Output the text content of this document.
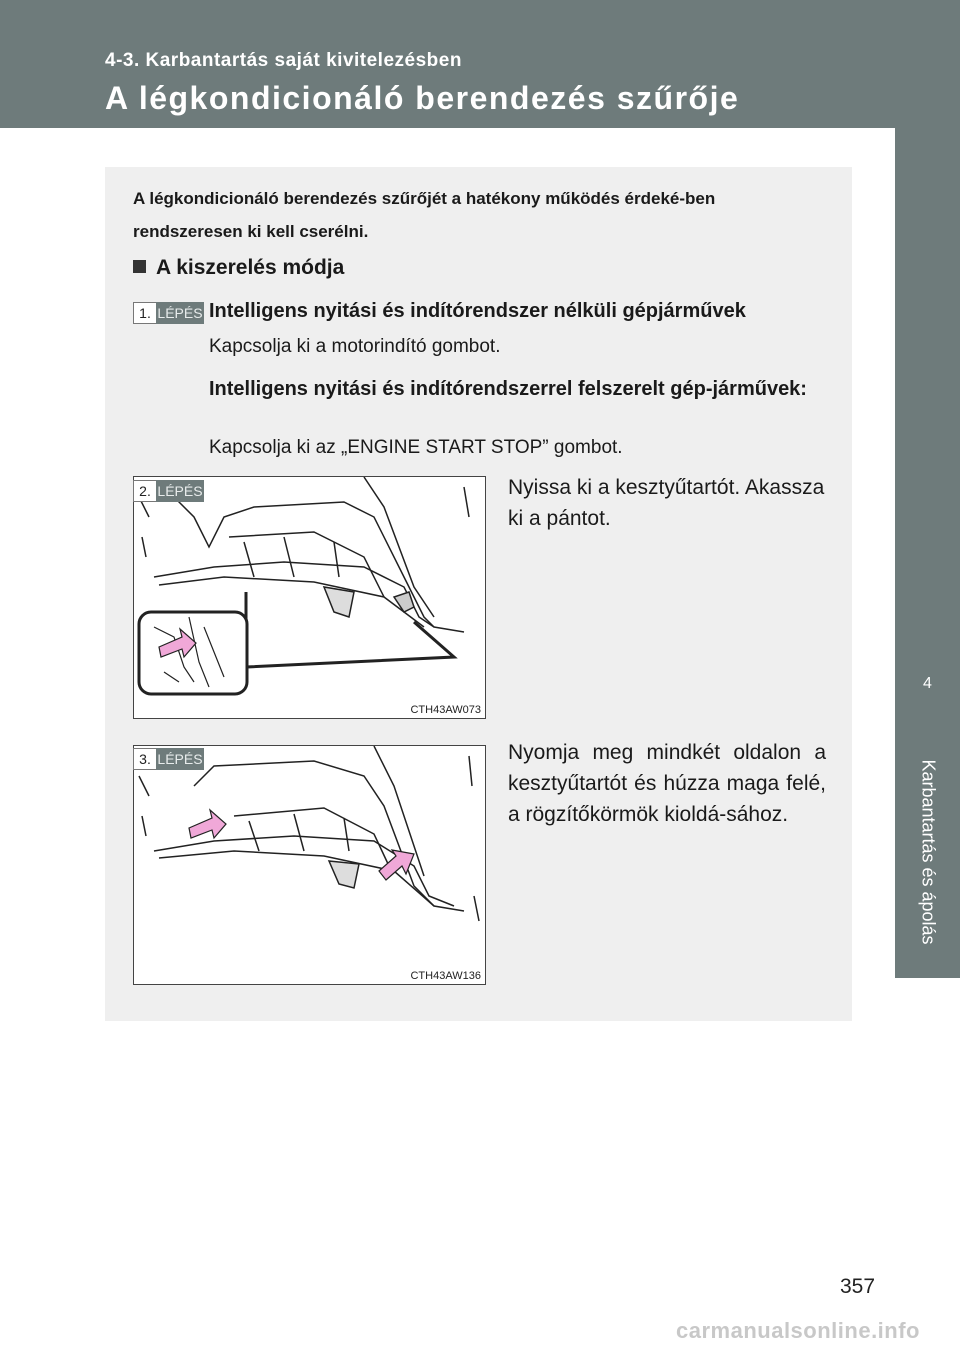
4-3. Karbantartás saját kivitelezésben
A légkondicionáló berendezés szűrője
4
Karbantartás és ápolás
A légkondicionáló berendezés szűrőjét a hatékony működés érdeké-ben rendszeresen ki kell cserélni.
A kiszerelés módja
1. LÉPÉS Intelligens nyitási és indítórendszer nélküli gépjárművek
Kapcsolja ki a motorindító gombot.
Intelligens nyitási és indítórendszerrel felszerelt gép-járművek:
Kapcsolja ki az „ENGINE START STOP” gombot.
CTH43AW073
2. LÉPÉS	Nyissa ki a kesztyűtartót. Akassza ki a pántot.
CTH43AW136
3. LÉPÉS	Nyomja meg mindkét oldalon a kesztyűtartót és húzza maga felé, a rögzítőkörmök kioldá-sához.
357
carmanualsonline.info
